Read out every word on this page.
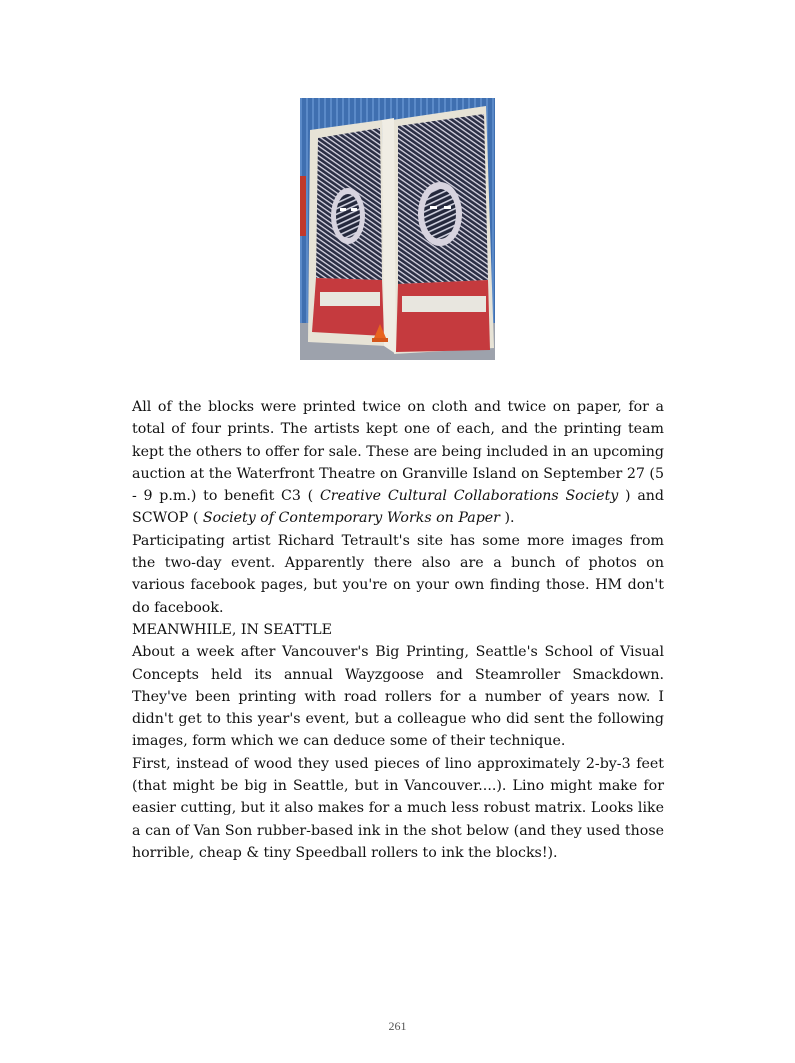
All of the blocks were printed twice on cloth and twice on paper, for a total of four prints. The artists kept one of each, and the printing team kept the others to offer for sale. These are being included in an upcoming auction at the Waterfront Theatre on Granville Island on September 27 (5 - 9 p.m.) to benefit C3 ( Creative Cultural Collaborations Society ) and SCWOP ( Society of Contemporary Works on Paper ).

Participating artist Richard Tetrault's site has some more images from the two-day event. Apparently there also are a bunch of photos on various facebook pages, but you're on your own finding those. HM don't do facebook.

MEANWHILE, IN SEATTLE

About a week after Vancouver's Big Printing, Seattle's School of Visual Concepts held its annual Wayzgoose and Steamroller Smackdown. They've been printing with road rollers for a number of years now. I didn't get to this year's event, but a colleague who did sent the following images, form which we can deduce some of their technique.

First, instead of wood they used pieces of lino approximately 2-by-3 feet (that might be big in Seattle, but in Vancouver....). Lino might make for easier cutting, but it also makes for a much less robust matrix. Looks like a can of Van Son rubber-based ink in the shot below (and they used those horrible, cheap & tiny Speedball rollers to ink the blocks!).

261
